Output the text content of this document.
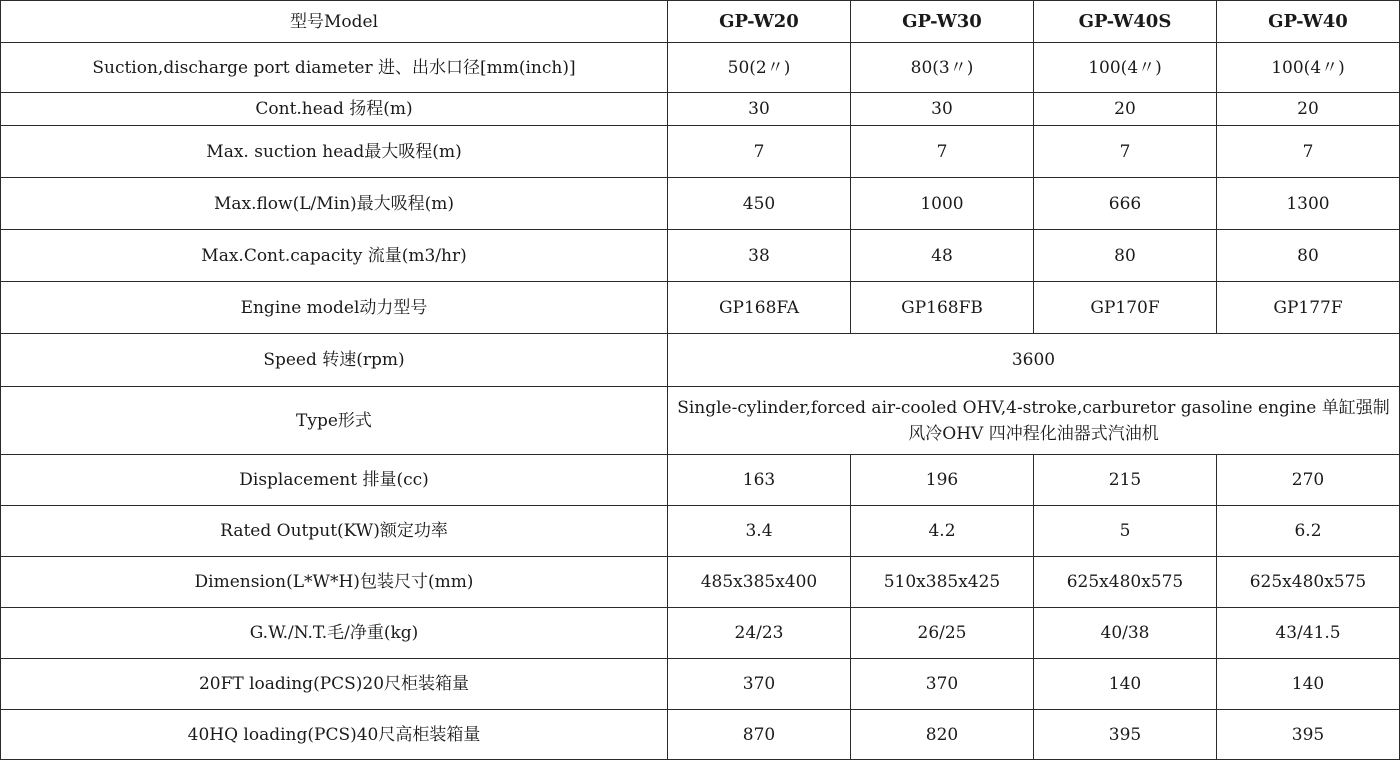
型号Model	GP-W20	GP-W30	GP-W40S	GP-W40
Suction,discharge port diameter 进、出水口径[mm(inch)]	50(2〃)	80(3〃)	100(4〃)	100(4〃)
Cont.head 扬程(m)	30	30	20	20
Max. suction head最大吸程(m)	7	7	7	7
Max.flow(L/Min)最大吸程(m)	450	1000	666	1300
Max.Cont.capacity 流量(m3/hr)	38	48	80	80
Engine model动力型号	GP168FA	GP168FB	GP170F	GP177F
Speed 转速(rpm)	3600			
Type形式	Single-cylinder,forced air-cooled OHV,4-stroke,carburetor gasoline engine 单缸强制风冷OHV 四冲程化油器式汽油机			
Displacement 排量(cc)	163	196	215	270
Rated Output(KW)额定功率	3.4	4.2	5	6.2
Dimension(L*W*H)包装尺寸(mm)	485x385x400	510x385x425	625x480x575	625x480x575
G.W./N.T.毛/净重(kg)	24/23	26/25	40/38	43/41.5
20FT loading(PCS)20尺柜装箱量	370	370	140	140
40HQ loading(PCS)40尺高柜装箱量	870	820	395	395
